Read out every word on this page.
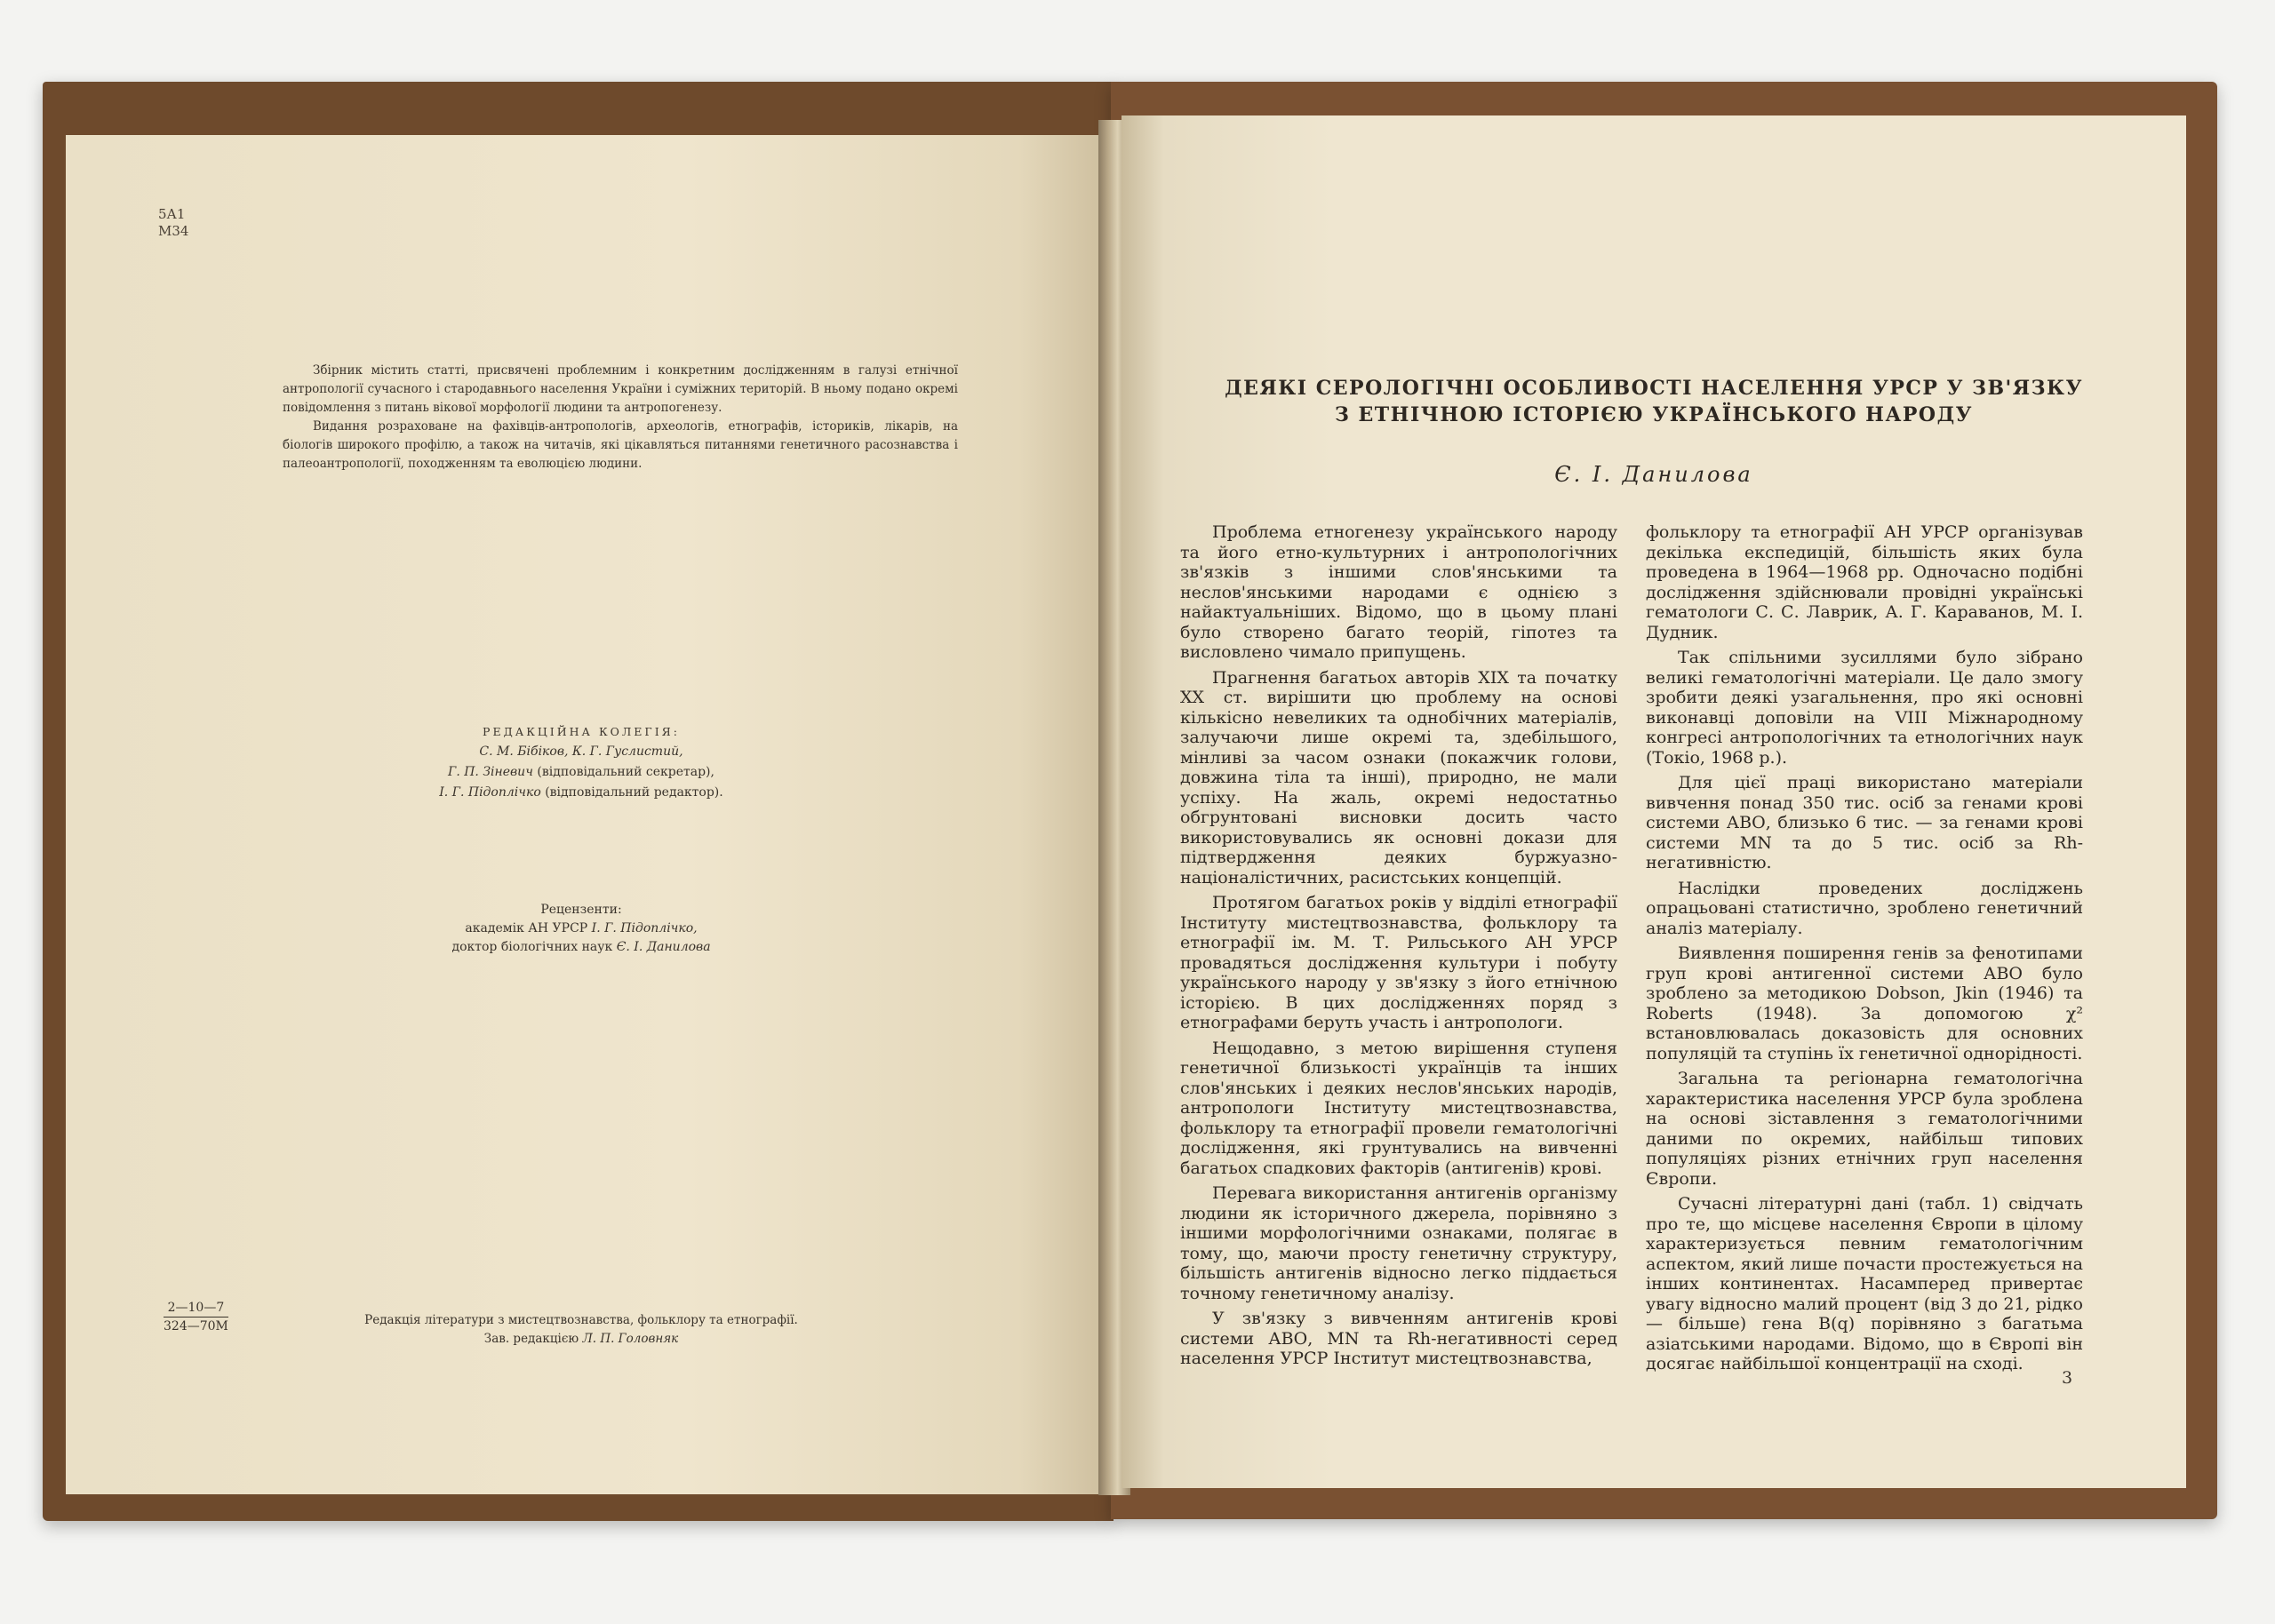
5А1
М34

Збірник містить статті, присвячені проблемним і конкретним дослідженням в галузі етнічної антропології сучасного і стародавнього населення України і суміжних територій. В ньому подано окремі повідомлення з питань вікової морфології людини та антропогенезу.

Видання розраховане на фахівців-антропологів, археологів, етнографів, істориків, лікарів, на біологів широкого профілю, а також на читачів, які цікавляться питаннями генетичного расознавства і палеоантропології, походженням та еволюцією людини.

РЕДАКЦІЙНА КОЛЕГІЯ:
С. М. Бібіков, К. Г. Гуслистий,
Г. П. Зіневич (відповідальний секретар),
І. Г. Підоплічко (відповідальний редактор).
Рецензенти:
академік АН УРСР І. Г. Підоплічко,
доктор біологічних наук Є. І. Данилова
2—10—7
324—70М	Редакція літератури з мистецтвознавства, фольклору та етнографії.
Зав. редакцією Л. П. Головняк
ДЕЯКІ СЕРОЛОГІЧНІ ОСОБЛИВОСТІ НАСЕЛЕННЯ УРСР У ЗВ'ЯЗКУ
З ЕТНІЧНОЮ ІСТОРІЄЮ УКРАЇНСЬКОГО НАРОДУ
Є. І. Данилова

Проблема етногенезу українського народу та його етно-культурних і антропологічних зв'язків з іншими слов'янськими та неслов'янськими народами є однією з найактуальніших. Відомо, що в цьому плані було створено багато теорій, гіпотез та висловлено чимало припущень.

Прагнення багатьох авторів XIX та початку XX ст. вирішити цю проблему на основі кількісно невеликих та однобічних матеріалів, залучаючи лише окремі та, здебільшого, мінливі за часом ознаки (покажчик голови, довжина тіла та інші), природно, не мали успіху. На жаль, окремі недостатньо обгрунтовані висновки досить часто використовувались як основні докази для підтвердження деяких буржуазно-націоналістичних, расистських концепцій.

Протягом багатьох років у відділі етнографії Інституту мистецтвознавства, фольклору та етнографії ім. М. Т. Рильського АН УРСР провадяться дослідження культури і побуту українського народу у зв'язку з його етнічною історією. В цих дослідженнях поряд з етнографами беруть участь і антропологи.

Нещодавно, з метою вирішення ступеня генетичної близькості українців та інших слов'янських і деяких неслов'янських народів, антропологи Інституту мистецтвознавства, фольклору та етнографії провели гематологічні дослідження, які грунтувались на вивченні багатьох спадкових факторів (антигенів) крові.

Перевага використання антигенів організму людини як історичного джерела, порівняно з іншими морфологічними ознаками, полягає в тому, що, маючи просту генетичну структуру, більшість антигенів відносно легко піддається точному генетичному аналізу.

У зв'язку з вивченням антигенів крові системи АВО, MN та Rh-негативності серед населення УРСР Інститут мистецтвознавства,

фольклору та етнографії АН УРСР організував декілька експедицій, більшість яких була проведена в 1964—1968 рр. Одночасно подібні дослідження здійснювали провідні українські гематологи С. С. Лаврик, А. Г. Караванов, М. І. Дудник.

Так спільними зусиллями було зібрано великі гематологічні матеріали. Це дало змогу зробити деякі узагальнення, про які основні виконавці доповіли на VIII Міжнародному конгресі антропологічних та етнологічних наук (Токіо, 1968 р.).

Для цієї праці використано матеріали вивчення понад 350 тис. осіб за генами крові системи АВО, близько 6 тис. — за генами крові системи MN та до 5 тис. осіб за Rh-негативністю.

Наслідки проведених досліджень опрацьовані статистично, зроблено генетичний аналіз матеріалу.

Виявлення поширення генів за фенотипами груп крові антигенної системи АВО було зроблено за методикою Dobson, Jkin (1946) та Roberts (1948). За допомогою χ² встановлювалась доказовість для основних популяцій та ступінь їх генетичної однорідності.

Загальна та регіонарна гематологічна характеристика населення УРСР була зроблена на основі зіставлення з гематологічними даними по окремих, найбільш типових популяціях різних етнічних груп населення Європи.

Сучасні літературні дані (табл. 1) свідчать про те, що місцеве населення Європи в цілому характеризується певним гематологічним аспектом, який лише почасти простежується на інших континентах. Насамперед привертає увагу відносно малий процент (від 3 до 21, рідко — більше) гена В(q) порівняно з багатьма азіатськими народами. Відомо, що в Європі він досягає найбільшої концентрації на сході.

3
